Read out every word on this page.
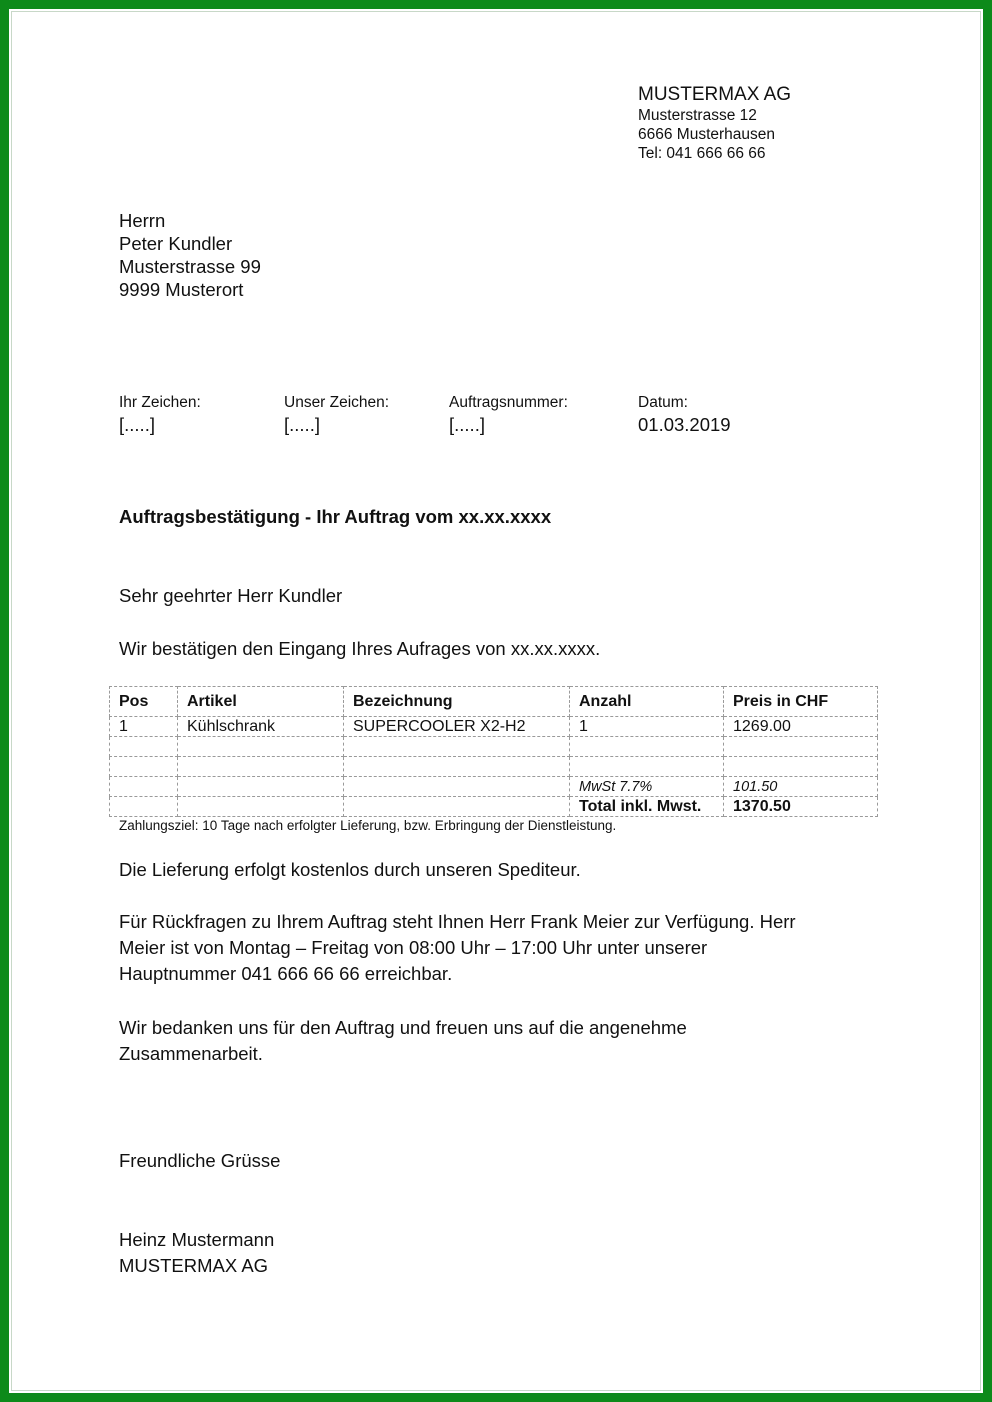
MUSTERMAX AG
Musterstrasse 12
6666 Musterhausen
Tel: 041 666 66 66
Herrn
Peter Kundler
Musterstrasse 99
9999 Musterort
Ihr Zeichen:
[.....]
Unser Zeichen:
[.....]
Auftragsnummer:
[.....]
Datum:
01.03.2019
Auftragsbestätigung - Ihr Auftrag vom xx.xx.xxxx
Sehr geehrter Herr Kundler
Wir bestätigen den Eingang Ihres Aufrages von xx.xx.xxxx.
Pos	Artikel	Bezeichnung	Anzahl	Preis in CHF
1	Kühlschrank	SUPERCOOLER X2-H2	1	1269.00

			MwSt 7.7%	101.50
			Total inkl. Mwst.	1370.50
Zahlungsziel: 10 Tage nach erfolgter Lieferung, bzw. Erbringung der Dienstleistung.
Die Lieferung erfolgt kostenlos durch unseren Spediteur.
Für Rückfragen zu Ihrem Auftrag steht Ihnen Herr Frank Meier zur Verfügung. Herr
Meier ist von Montag – Freitag von 08:00 Uhr – 17:00 Uhr unter unserer
Hauptnummer 041 666 66 66 erreichbar.
Wir bedanken uns für den Auftrag und freuen uns auf die angenehme
Zusammenarbeit.
Freundliche Grüsse
Heinz Mustermann
MUSTERMAX AG
